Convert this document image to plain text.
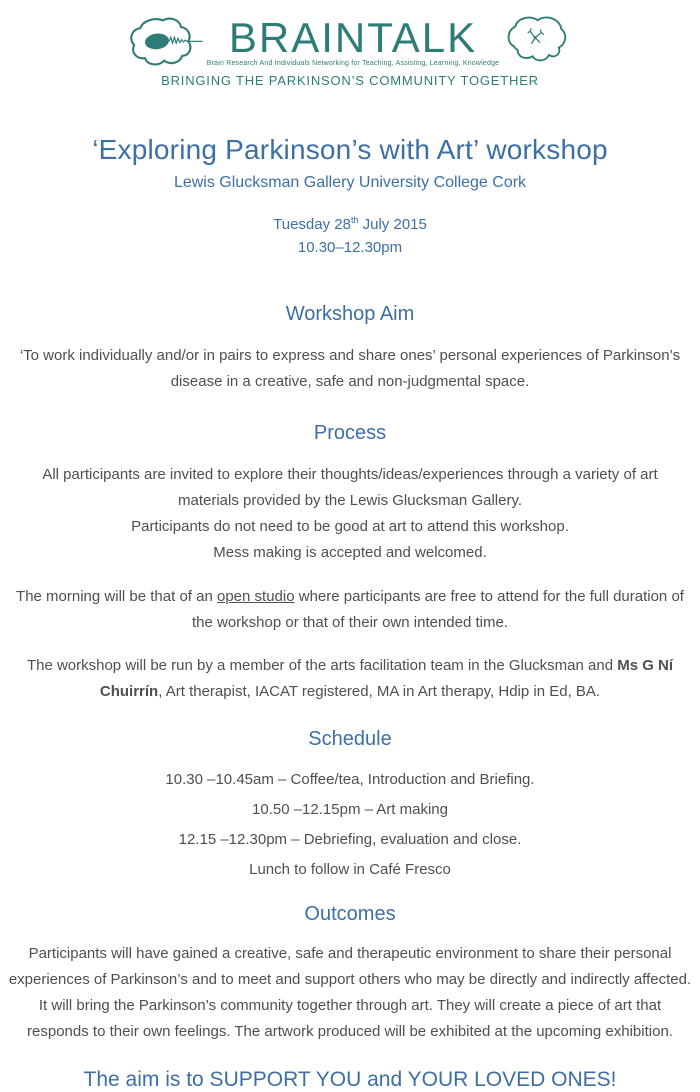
BRAINTALK
Brain Research And Individuals Networking for Teaching, Assisting, Learning, Knowledge
BRINGING THE PARKINSON’S COMMUNITY TOGETHER
‘Exploring Parkinson’s with Art’ workshop
Lewis Glucksman Gallery University College Cork
Tuesday 28th July 2015
10.30–12.30pm
Workshop Aim

‘To work individually and/or in pairs to express and share ones’ personal experiences of Parkinson’s disease in a creative, safe and non-judgmental space.

Process
All participants are invited to explore their thoughts/ideas/experiences through a variety of art materials provided by the Lewis Glucksman Gallery.
Participants do not need to be good at art to attend this workshop.
Mess making is accepted and welcomed.

The morning will be that of an open studio where participants are free to attend for the full duration of the workshop or that of their own intended time.

The workshop will be run by a member of the arts facilitation team in the Glucksman and Ms G Ní Chuirrín, Art therapist, IACAT registered, MA in Art therapy, Hdip in Ed, BA.

Schedule
10.30 –10.45am – Coffee/tea, Introduction and Briefing.
10.50 –12.15pm – Art making
12.15 –12.30pm – Debriefing, evaluation and close.
Lunch to follow in Café Fresco
Outcomes

Participants will have gained a creative, safe and therapeutic environment to share their personal experiences of Parkinson’s and to meet and support others who may be directly and indirectly affected. It will bring the Parkinson’s community together through art. They will create a piece of art that responds to their own feelings. The artwork produced will be exhibited at the upcoming exhibition.

The aim is to SUPPORT YOU and YOUR LOVED ONES!
